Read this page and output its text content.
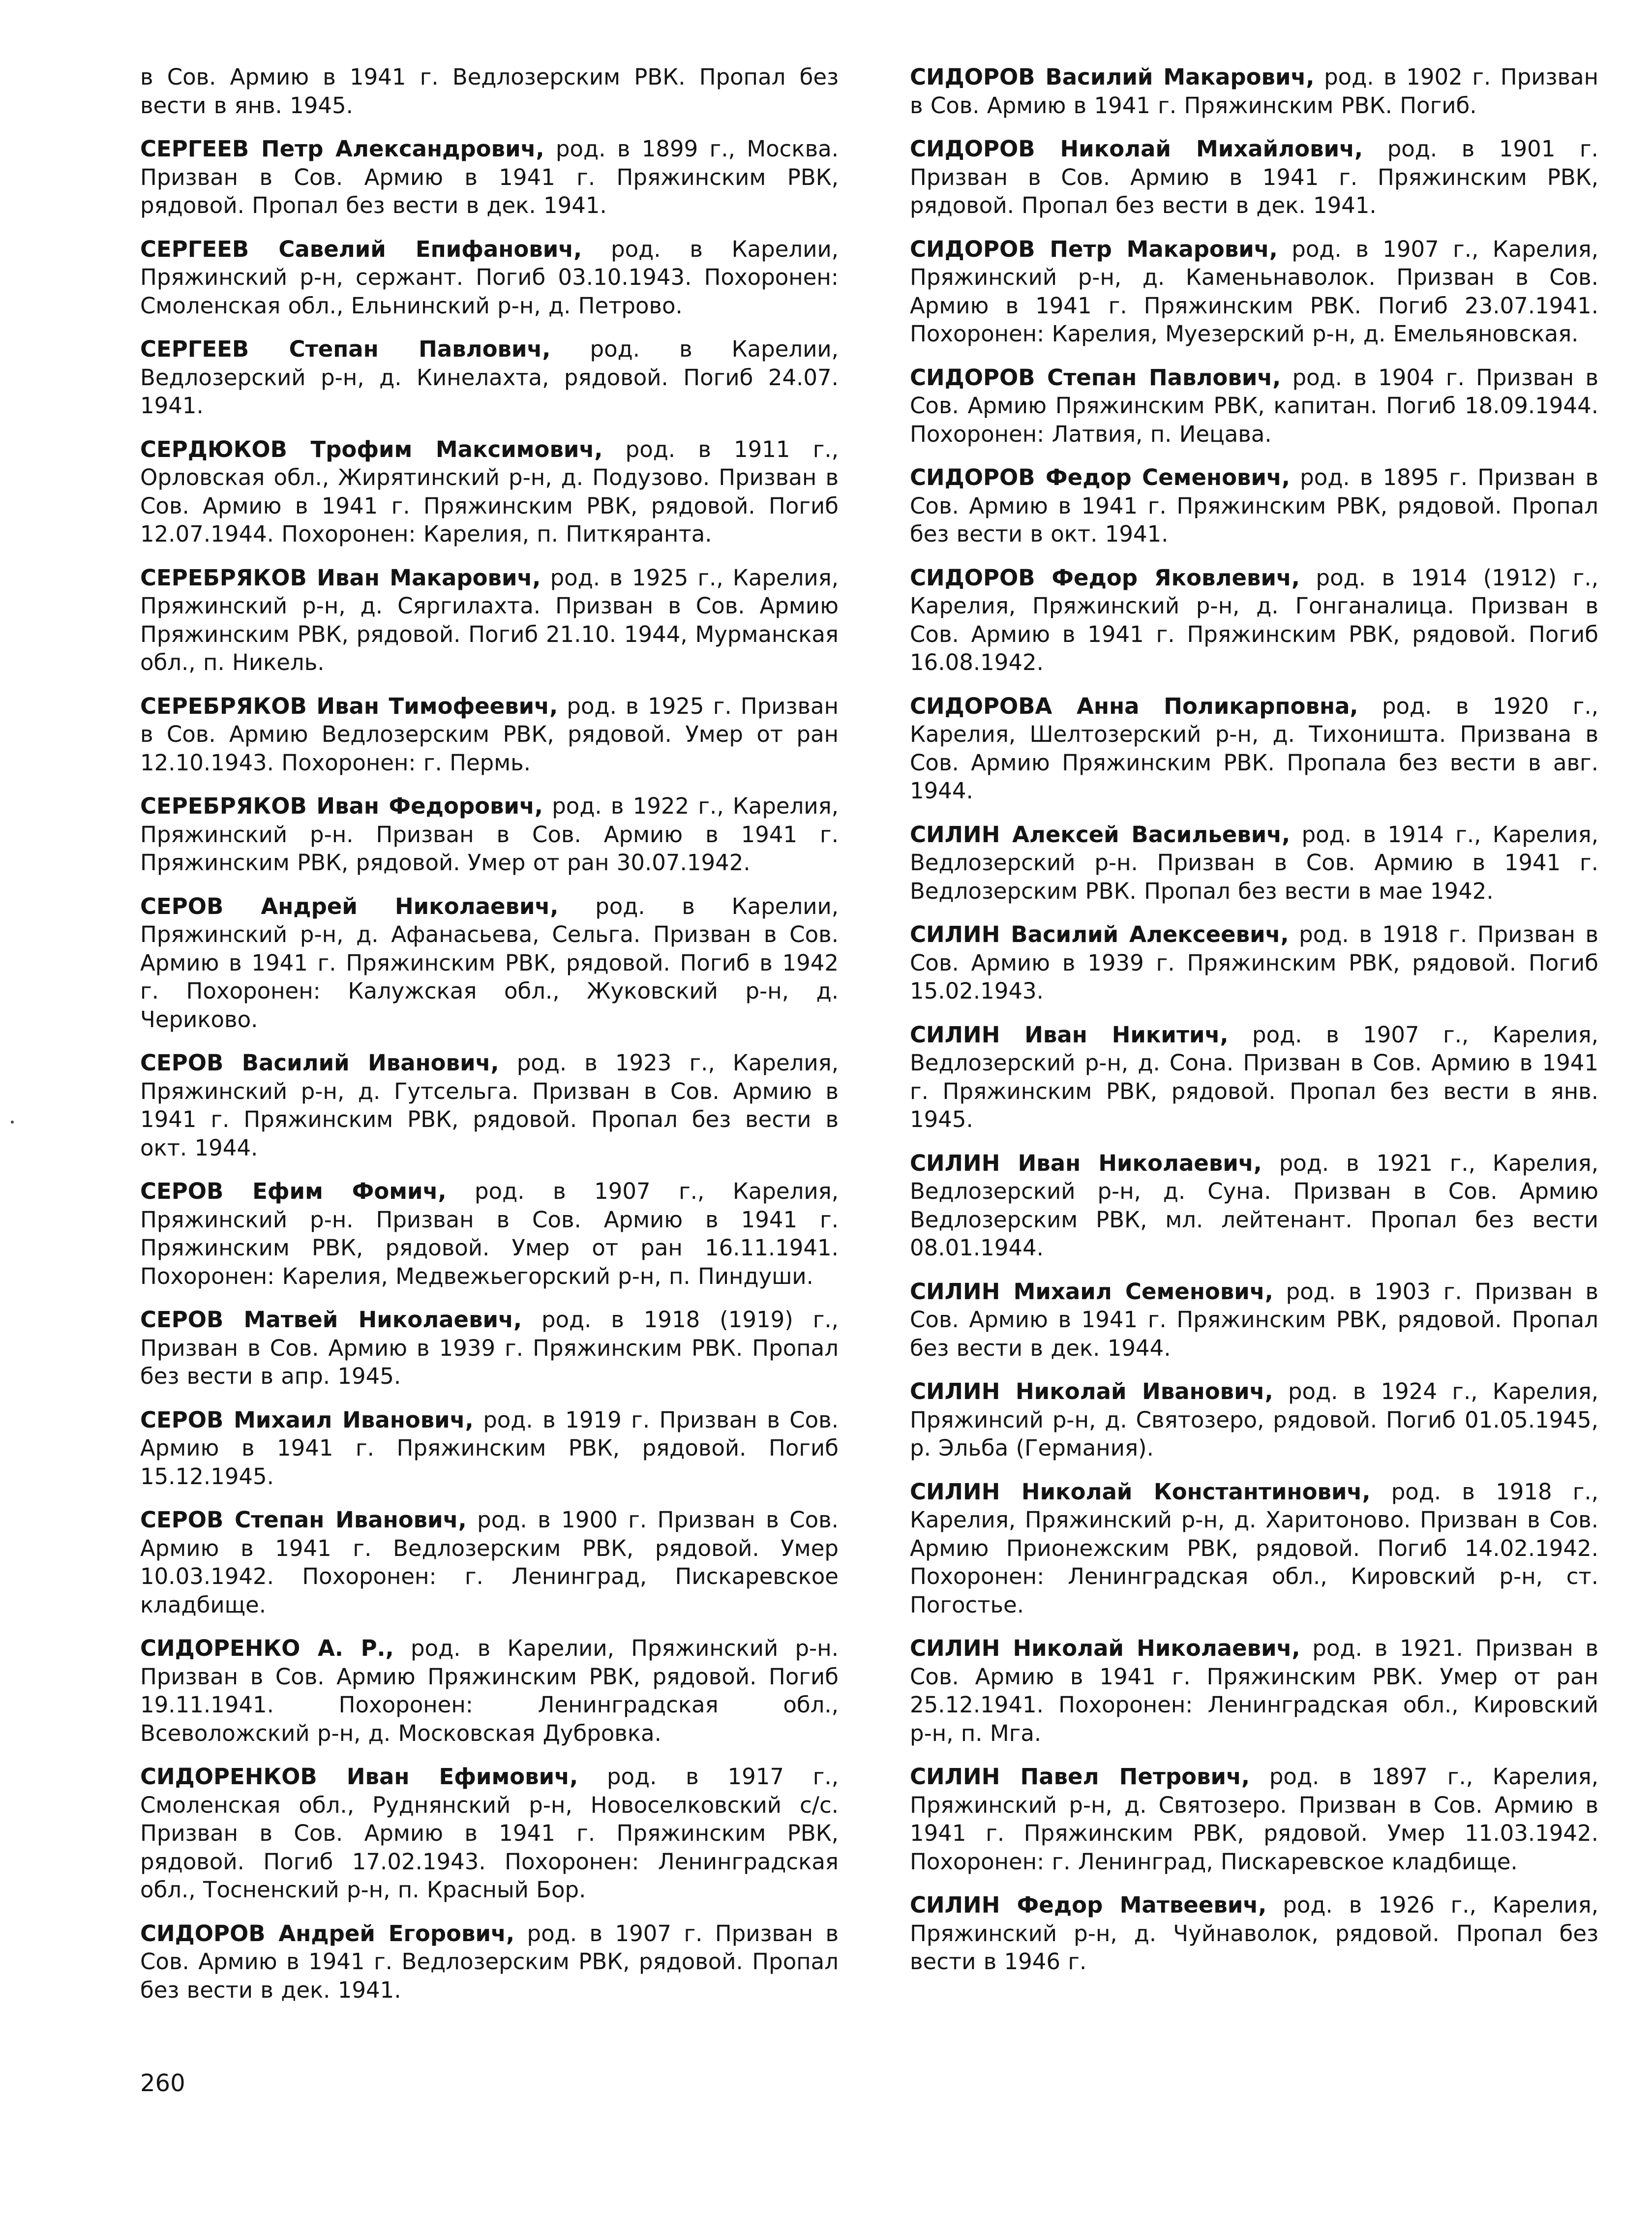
в Сов. Армию в 1941 г. Ведлозерским РВК. Пропал без вести в янв. 1945.

СЕРГЕЕВ Петр Александрович, род. в 1899 г., Москва. Призван в Сов. Армию в 1941 г. Пряжинским РВК, рядовой. Пропал без вести в дек. 1941.

СЕРГЕЕВ Савелий Епифанович, род. в Карелии, Пряжинский р-н, сержант. Погиб 03.10.1943. Похоронен: Смоленская обл., Ельнинский р-н, д. Петрово.

СЕРГЕЕВ Степан Павлович, род. в Карелии, Ведлозерский р-н, д. Кинелахта, рядовой. Погиб 24.07. 1941.

СЕРДЮКОВ Трофим Максимович, род. в 1911 г., Орловская обл., Жирятинский р-н, д. Подузово. Призван в Сов. Армию в 1941 г. Пряжинским РВК, рядовой. Погиб 12.07.1944. Похоронен: Карелия, п. Питкяранта.

СЕРЕБРЯКОВ Иван Макарович, род. в 1925 г., Карелия, Пряжинский р-н, д. Сяргилахта. Призван в Сов. Армию Пряжинским РВК, рядовой. Погиб 21.10. 1944, Мурманская обл., п. Никель.

СЕРЕБРЯКОВ Иван Тимофеевич, род. в 1925 г. Призван в Сов. Армию Ведлозерским РВК, рядовой. Умер от ран 12.10.1943. Похоронен: г. Пермь.

СЕРЕБРЯКОВ Иван Федорович, род. в 1922 г., Карелия, Пряжинский р-н. Призван в Сов. Армию в 1941 г. Пряжинским РВК, рядовой. Умер от ран 30.07.1942.

СЕРОВ Андрей Николаевич, род. в Карелии, Пряжинский р-н, д. Афанасьева, Сельга. Призван в Сов. Армию в 1941 г. Пряжинским РВК, рядовой. Погиб в 1942 г. Похоронен: Калужская обл., Жуковский р-н, д. Чериково.

СЕРОВ Василий Иванович, род. в 1923 г., Карелия, Пряжинский р-н, д. Гутсельга. Призван в Сов. Армию в 1941 г. Пряжинским РВК, рядовой. Пропал без вести в окт. 1944.

СЕРОВ Ефим Фомич, род. в 1907 г., Карелия, Пряжинский р-н. Призван в Сов. Армию в 1941 г. Пряжинским РВК, рядовой. Умер от ран 16.11.1941. Похоронен: Карелия, Медвежьегорский р-н, п. Пиндуши.

СЕРОВ Матвей Николаевич, род. в 1918 (1919) г., Призван в Сов. Армию в 1939 г. Пряжинским РВК. Пропал без вести в апр. 1945.

СЕРОВ Михаил Иванович, род. в 1919 г. Призван в Сов. Армию в 1941 г. Пряжинским РВК, рядовой. Погиб 15.12.1945.

СЕРОВ Степан Иванович, род. в 1900 г. Призван в Сов. Армию в 1941 г. Ведлозерским РВК, рядовой. Умер 10.03.1942. Похоронен: г. Ленинград, Пискаревское кладбище.

СИДОРЕНКО А. Р., род. в Карелии, Пряжинский р-н. Призван в Сов. Армию Пряжинским РВК, рядовой. Погиб 19.11.1941. Похоронен: Ленинградская обл., Всеволожский р-н, д. Московская Дубровка.

СИДОРЕНКОВ Иван Ефимович, род. в 1917 г., Смоленская обл., Руднянский р-н, Новоселковский с/с. Призван в Сов. Армию в 1941 г. Пряжинским РВК, рядовой. Погиб 17.02.1943. Похоронен: Ленинградская обл., Тосненский р-н, п. Красный Бор.

СИДОРОВ Андрей Егорович, род. в 1907 г. Призван в Сов. Армию в 1941 г. Ведлозерским РВК, рядовой. Пропал без вести в дек. 1941.

СИДОРОВ Василий Макарович, род. в 1902 г. Призван в Сов. Армию в 1941 г. Пряжинским РВК. Погиб.

СИДОРОВ Николай Михайлович, род. в 1901 г. Призван в Сов. Армию в 1941 г. Пряжинским РВК, рядовой. Пропал без вести в дек. 1941.

СИДОРОВ Петр Макарович, род. в 1907 г., Карелия, Пряжинский р-н, д. Каменьнаволок. Призван в Сов. Армию в 1941 г. Пряжинским РВК. Погиб 23.07.1941. Похоронен: Карелия, Муезерский р-н, д. Емельяновская.

СИДОРОВ Степан Павлович, род. в 1904 г. Призван в Сов. Армию Пряжинским РВК, капитан. Погиб 18.09.1944. Похоронен: Латвия, п. Иецава.

СИДОРОВ Федор Семенович, род. в 1895 г. Призван в Сов. Армию в 1941 г. Пряжинским РВК, рядовой. Пропал без вести в окт. 1941.

СИДОРОВ Федор Яковлевич, род. в 1914 (1912) г., Карелия, Пряжинский р-н, д. Гонганалица. Призван в Сов. Армию в 1941 г. Пряжинским РВК, рядовой. Погиб 16.08.1942.

СИДОРОВА Анна Поликарповна, род. в 1920 г., Карелия, Шелтозерский р-н, д. Тихоништа. Призвана в Сов. Армию Пряжинским РВК. Пропала без вести в авг. 1944.

СИЛИН Алексей Васильевич, род. в 1914 г., Карелия, Ведлозерский р-н. Призван в Сов. Армию в 1941 г. Ведлозерским РВК. Пропал без вести в мае 1942.

СИЛИН Василий Алексеевич, род. в 1918 г. Призван в Сов. Армию в 1939 г. Пряжинским РВК, рядовой. Погиб 15.02.1943.

СИЛИН Иван Никитич, род. в 1907 г., Карелия, Ведлозерский р-н, д. Сона. Призван в Сов. Армию в 1941 г. Пряжинским РВК, рядовой. Пропал без вести в янв. 1945.

СИЛИН Иван Николаевич, род. в 1921 г., Карелия, Ведлозерский р-н, д. Суна. Призван в Сов. Армию Ведлозерским РВК, мл. лейтенант. Пропал без вести 08.01.1944.

СИЛИН Михаил Семенович, род. в 1903 г. Призван в Сов. Армию в 1941 г. Пряжинским РВК, рядовой. Пропал без вести в дек. 1944.

СИЛИН Николай Иванович, род. в 1924 г., Карелия, Пряжинсий р-н, д. Святозеро, рядовой. Погиб 01.05.1945, р. Эльба (Германия).

СИЛИН Николай Константинович, род. в 1918 г., Карелия, Пряжинский р-н, д. Харитоново. Призван в Сов. Армию Прионежским РВК, рядовой. Погиб 14.02.1942. Похоронен: Ленинградская обл., Кировский р-н, ст. Погостье.

СИЛИН Николай Николаевич, род. в 1921. Призван в Сов. Армию в 1941 г. Пряжинским РВК. Умер от ран 25.12.1941. Похоронен: Ленинградская обл., Кировский р-н, п. Мга.

СИЛИН Павел Петрович, род. в 1897 г., Карелия, Пряжинский р-н, д. Святозеро. Призван в Сов. Армию в 1941 г. Пряжинским РВК, рядовой. Умер 11.03.1942. Похоронен: г. Ленинград, Пискаревское кладбище.

СИЛИН Федор Матвеевич, род. в 1926 г., Карелия, Пряжинский р-н, д. Чуйнаволок, рядовой. Пропал без вести в 1946 г.

260
